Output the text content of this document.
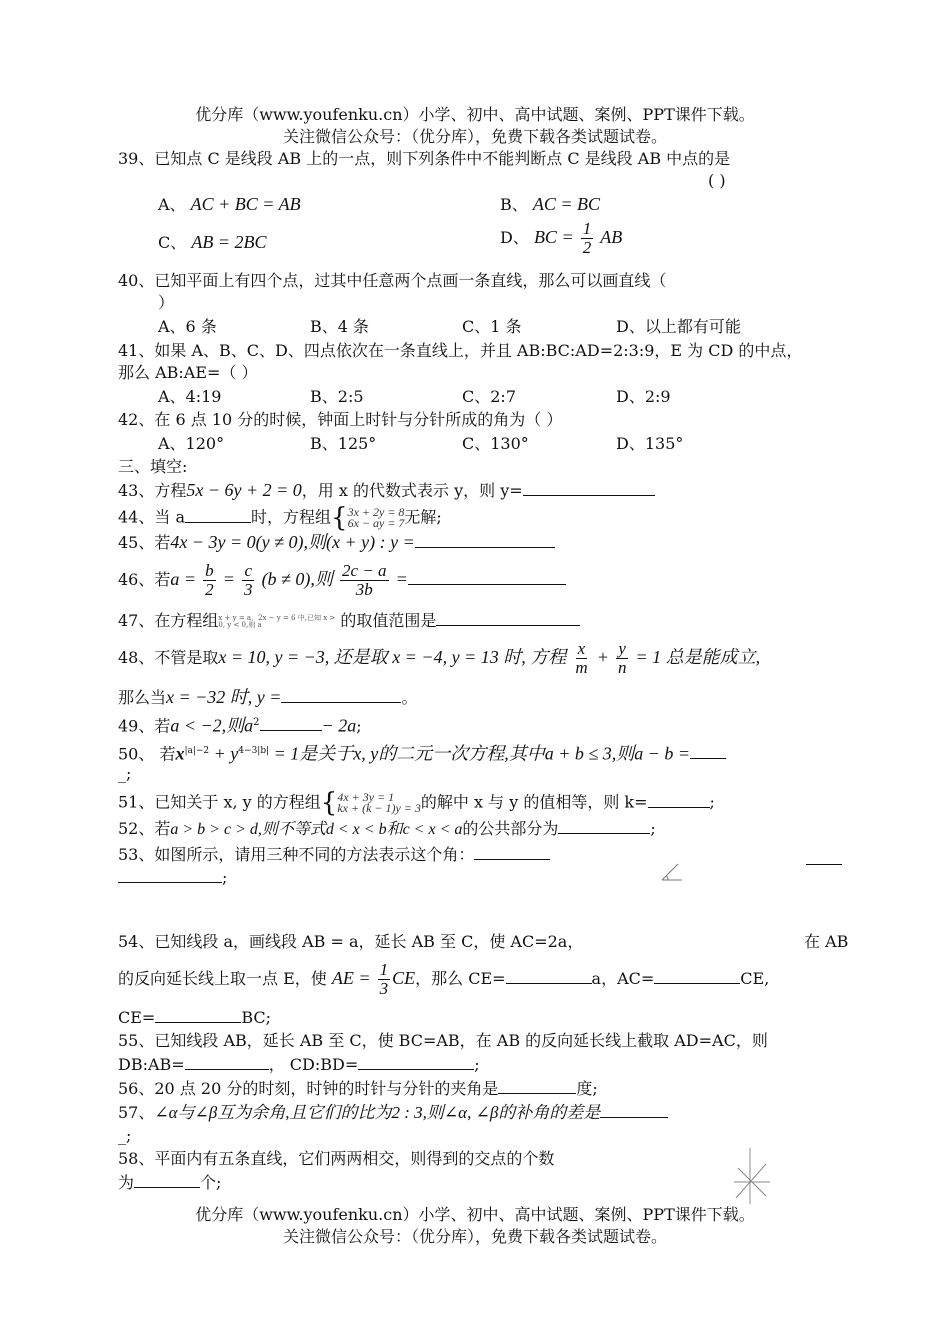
优分库（www.youfenku.cn）小学、初中、高中试题、案例、PPT课件下载。
关注微信公众号：（优分库），免费下载各类试题试卷。
39、已知点 C 是线段 AB 上的一点，则下列条件中不能判断点 C 是线段 AB 中点的是
( )
A、 AC + BC = AB	B、 AC = BC
C、 AB = 2BC	D、 BC = $\frac{1}{2}$ AB
40、已知平面上有四个点，过其中任意两个点画一条直线，那么可以画直线（
）
A、6 条	B、4 条	C、1 条	D、以上都有可能
41、如果 A、B、C、D、四点依次在一条直线上，并且 AB:BC:AD=2:3:9，E 为 CD 的中点，
那么 AB:AE=（ ）
A、4:19	B、2:5	C、2:7	D、2:9
42、在 6 点 10 分的时候，钟面上时针与分针所成的角为（ ）
A、120°	B、125°	C、130°	D、135°
三、填空:
43、方程5x − 6y + 2 = 0，用 x 的代数式表示 y，则 y=
44、当 a	时，方程组{ 3x + 2y = 8
6x − ay = 7 无解;
45、若4x − 3y = 0(y ≠ 0),则(x + y) : y =
46、若$a = \frac{b}{2} = \frac{c}{3} (b \ne 0)$,则 $\frac{2c - a}{3b}$ =
47、在方程组x + y = a，2x − y = 6 中,已知 x > 0, y < 0,则 a	的取值范围是
48、不管是取x = 10, y = −3, 还是取 x = −4, y = 13 时, 方程 $\frac{x}{m} + \frac{y}{n} = 1$ 总是能成立,
那么当x = −32 时, y =	。
49、若a < −2,则$a^2$	− 2a;
50、 若$x^{|a|-2} + y^{4-3|b|} = 1$是关于x, y的二元一次方程,其中a + b ≤ 3,则a − b =
_;
51、已知关于 x, y 的方程组{ 4x + 3y = 1
kx + (k − 1)y = 3 的解中 x 与 y 的值相等，则 k=	;
52、若a > b > c > d,则不等式d < x < b和c < x < a的公共部分为	;
53、如图所示，请用三种不同的方法表示这个角：
;
54、已知线段 a，画线段 AB = a，延长 AB 至 C，使 AC=2a，	在 AB
的反向延长线上取一点 E，使 AE = $\frac{1}{3}$ CE，那么 CE=	a，AC=	CE,
CE=	BC;
55、已知线段 AB，延长 AB 至 C，使 BC=AB，在 AB 的反向延长线上截取 AD=AC，则
DB:AB=	， CD:BD=	;
56、20 点 20 分的时刻，时钟的时针与分针的夹角是	度;
57、∠α与∠β互为余角,且它们的比为2 : 3,则∠α, ∠β的补角的差是
_;
58、平面内有五条直线，它们两两相交，则得到的交点的个数
为	个;
优分库（www.youfenku.cn）小学、初中、高中试题、案例、PPT课件下载。
关注微信公众号：（优分库），免费下载各类试题试卷。
